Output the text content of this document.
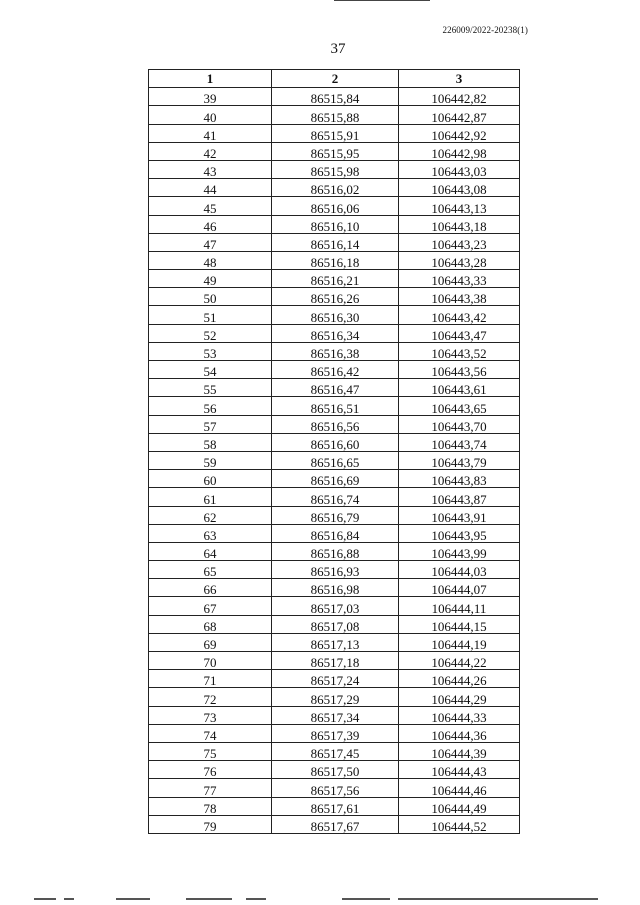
226009/2022-20238(1)
37
1	2	3
39	86515,84	106442,82
40	86515,88	106442,87
41	86515,91	106442,92
42	86515,95	106442,98
43	86515,98	106443,03
44	86516,02	106443,08
45	86516,06	106443,13
46	86516,10	106443,18
47	86516,14	106443,23
48	86516,18	106443,28
49	86516,21	106443,33
50	86516,26	106443,38
51	86516,30	106443,42
52	86516,34	106443,47
53	86516,38	106443,52
54	86516,42	106443,56
55	86516,47	106443,61
56	86516,51	106443,65
57	86516,56	106443,70
58	86516,60	106443,74
59	86516,65	106443,79
60	86516,69	106443,83
61	86516,74	106443,87
62	86516,79	106443,91
63	86516,84	106443,95
64	86516,88	106443,99
65	86516,93	106444,03
66	86516,98	106444,07
67	86517,03	106444,11
68	86517,08	106444,15
69	86517,13	106444,19
70	86517,18	106444,22
71	86517,24	106444,26
72	86517,29	106444,29
73	86517,34	106444,33
74	86517,39	106444,36
75	86517,45	106444,39
76	86517,50	106444,43
77	86517,56	106444,46
78	86517,61	106444,49
79	86517,67	106444,52
